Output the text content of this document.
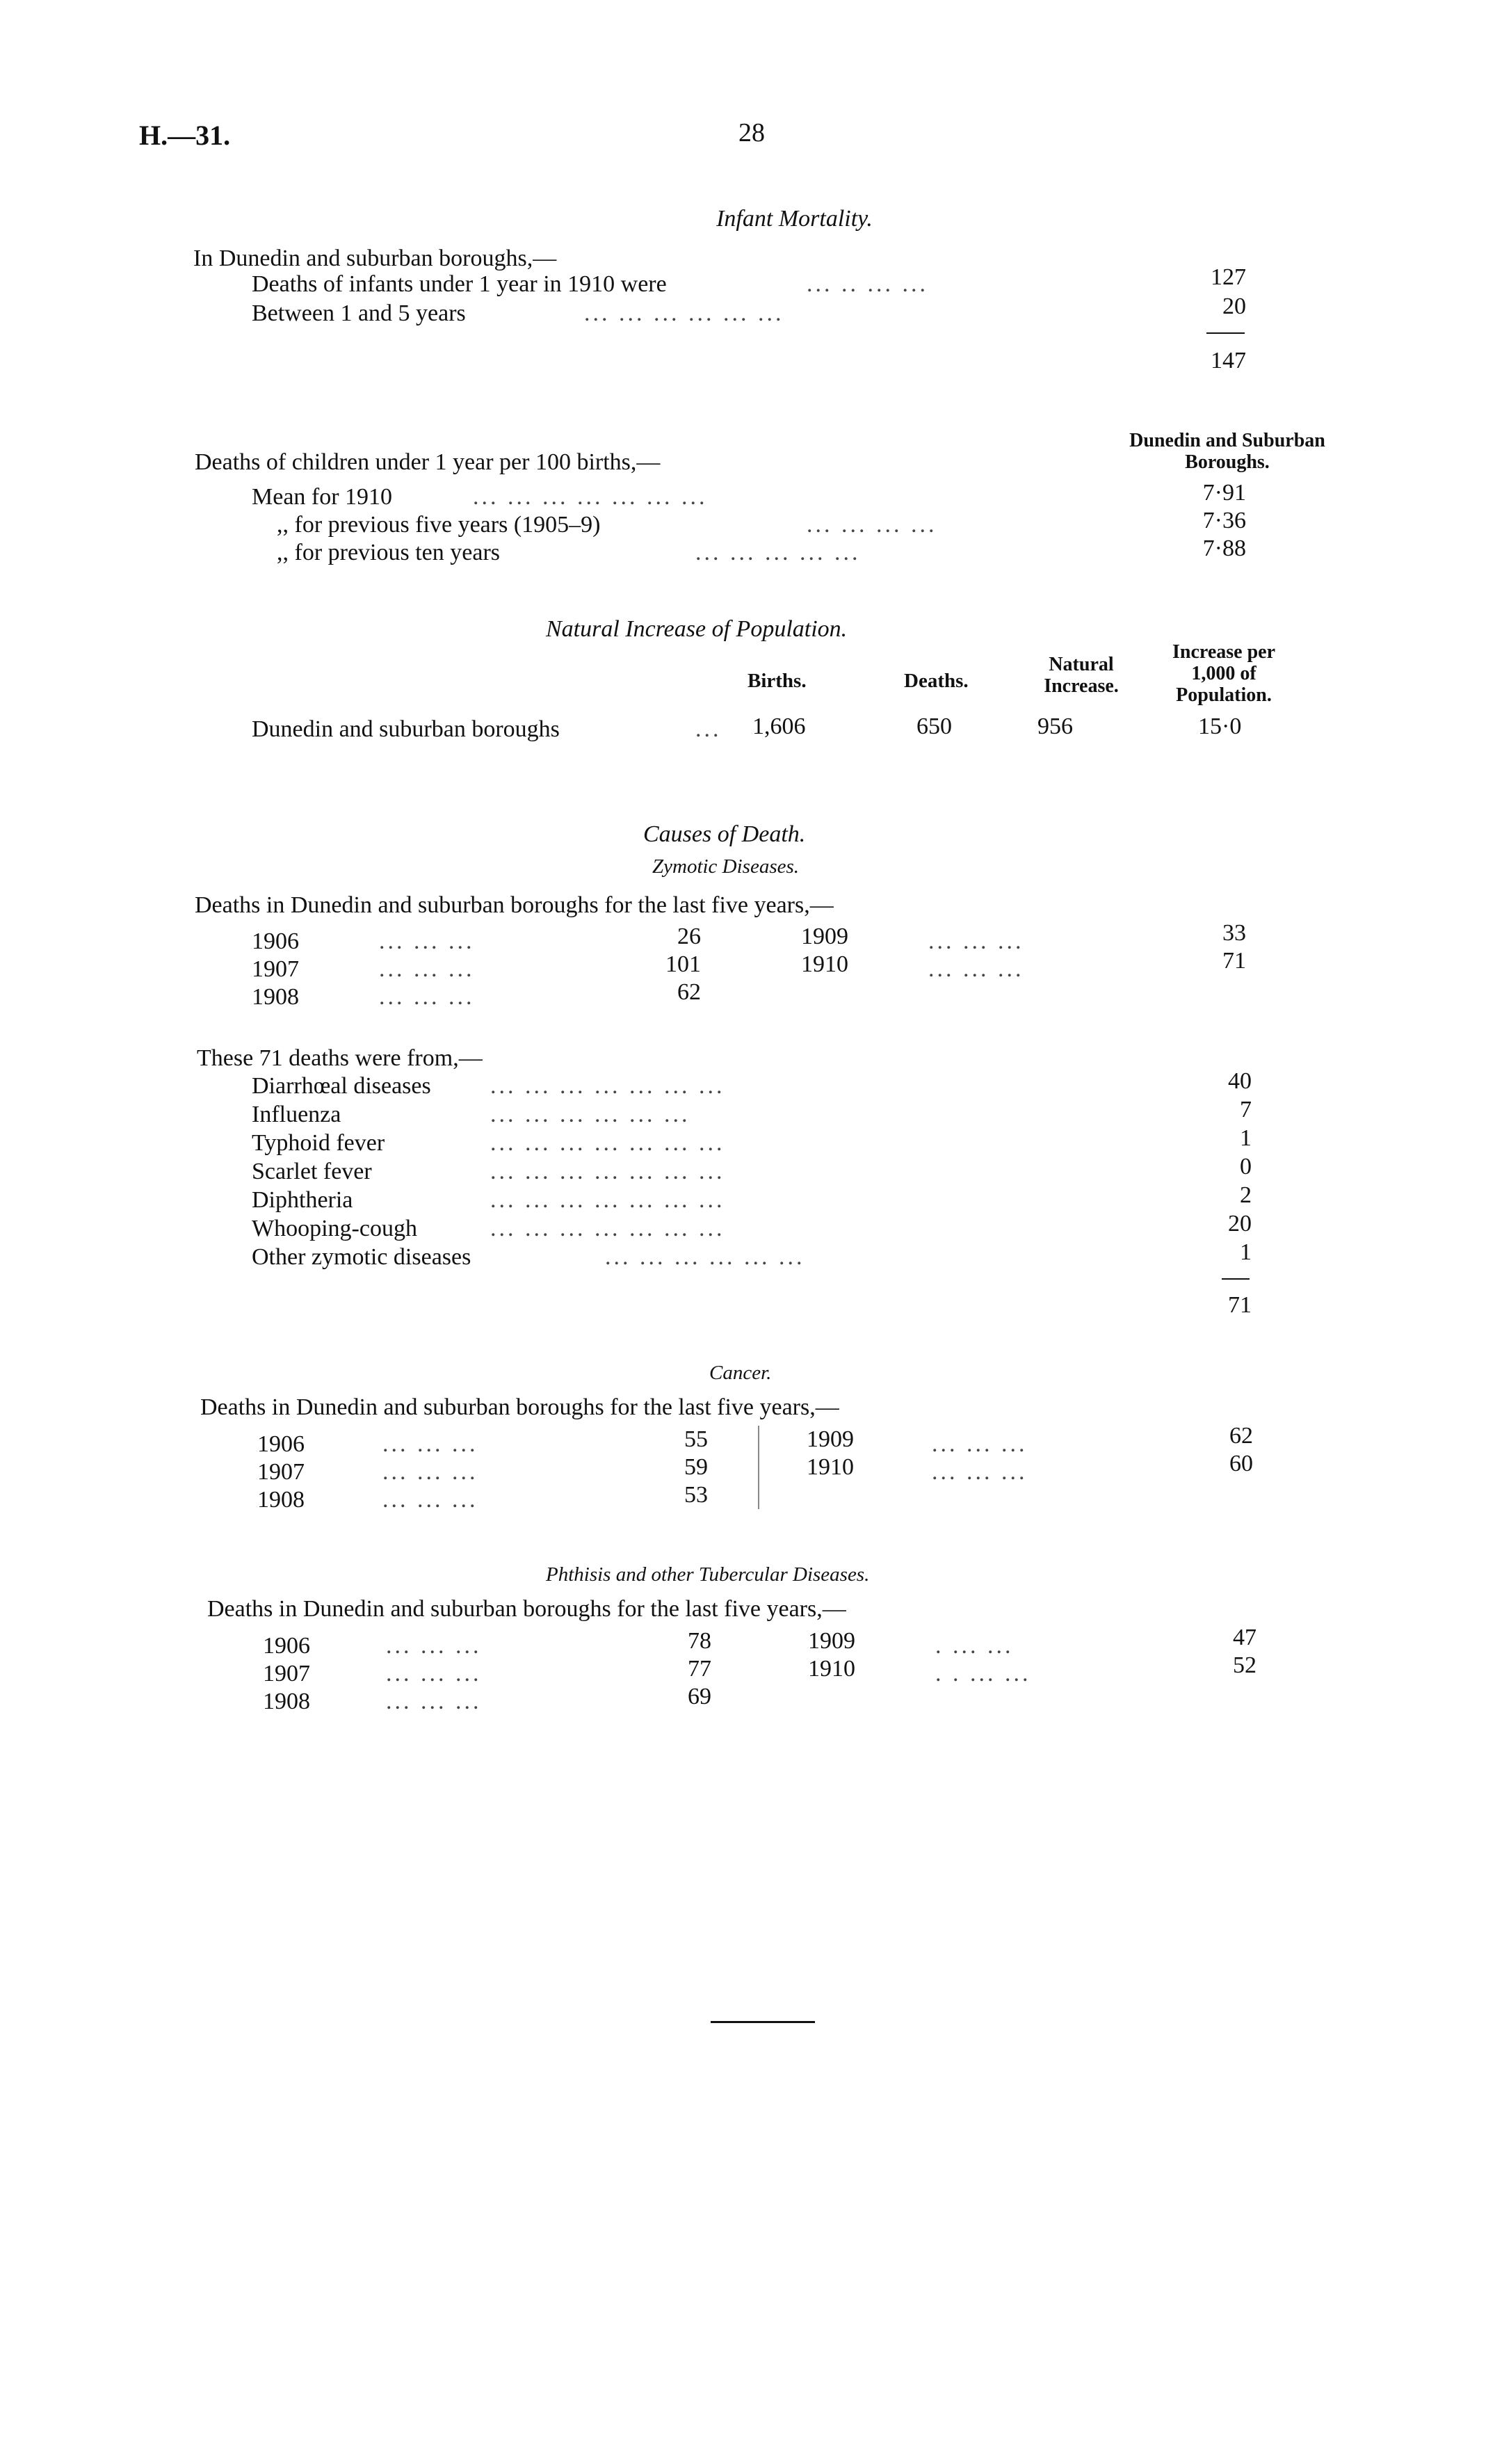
H.—31.	28
Infant Mortality.
In Dunedin and suburban boroughs,—
Deaths of infants under 1 year in 1910 were	... .. ... ...	127
Between 1 and 5 years	... ... ... ... ... ...	20
147
Dunedin and Suburban Boroughs.
Deaths of children under 1 year per 100 births,—
Mean for 1910	... ... ... ... ... ... ...	7·91
,, for previous five years (1905–9)	... ... ... ...	7·36
,, for previous ten years	... ... ... ... ...	7·88
Natural Increase of Population.
Births.	Deaths.
Natural Increase.
Increase per 1,000 of Population.
Dunedin and suburban boroughs	... 1,606	650	956	15·0
Causes of Death.
Zymotic Diseases.
Deaths in Dunedin and suburban boroughs for the last five years,—
1906	... ... ...	26
1907	... ... ...	101
1908	... ... ...	62
1909	... ... ...	33
1910	... ... ...	71
These 71 deaths were from,—
Diarrhœal diseases	... ... ... ... ... ... ...	40
Influenza	... ... ... ... ... ...	7
Typhoid fever	... ... ... ... ... ... ...	1
Scarlet fever	... ... ... ... ... ... ...	0
Diphtheria	... ... ... ... ... ... ...	2
Whooping-cough	... ... ... ... ... ... ...	20
Other zymotic diseases	... ... ... ... ... ...	1
71
Cancer.
Deaths in Dunedin and suburban boroughs for the last five years,—
1906	... ... ...	55
1907	... ... ...	59
1908	... ... ...	53
1909	... ... ...	62
1910	... ... ...	60
Phthisis and other Tubercular Diseases.
Deaths in Dunedin and suburban boroughs for the last five years,—
1906	... ... ...	78
1907	... ... ...	77
1908	... ... ...	69
1909	. ... ...	47
1910	. . ... ...	52
